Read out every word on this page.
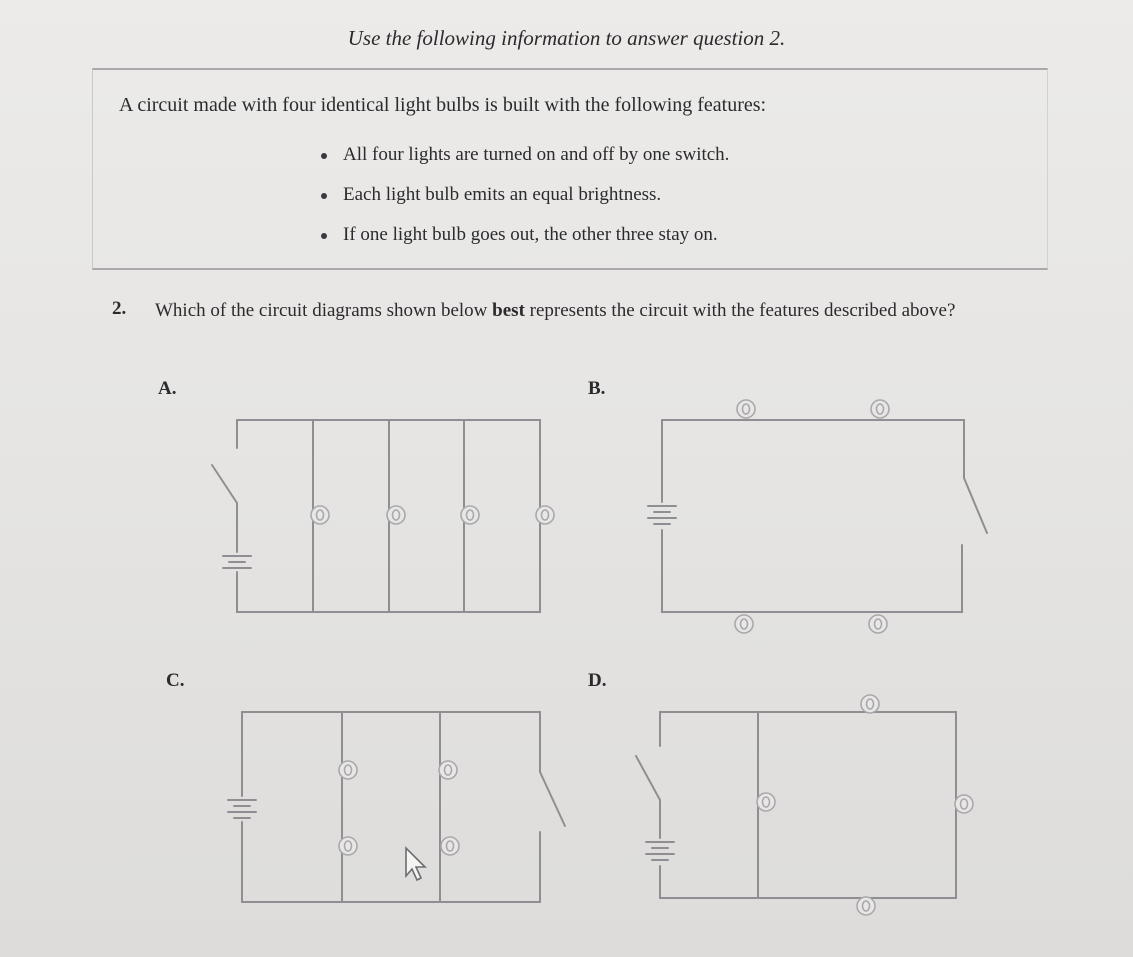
Use the following information to answer question 2.
A circuit made with four identical light bulbs is built with the following features:
All four lights are turned on and off by one switch.
Each light bulb emits an equal brightness.
If one light bulb goes out, the other three stay on.
2. Which of the circuit diagrams shown below best represents the circuit with the features described above?
A.	B.
C.	D.
